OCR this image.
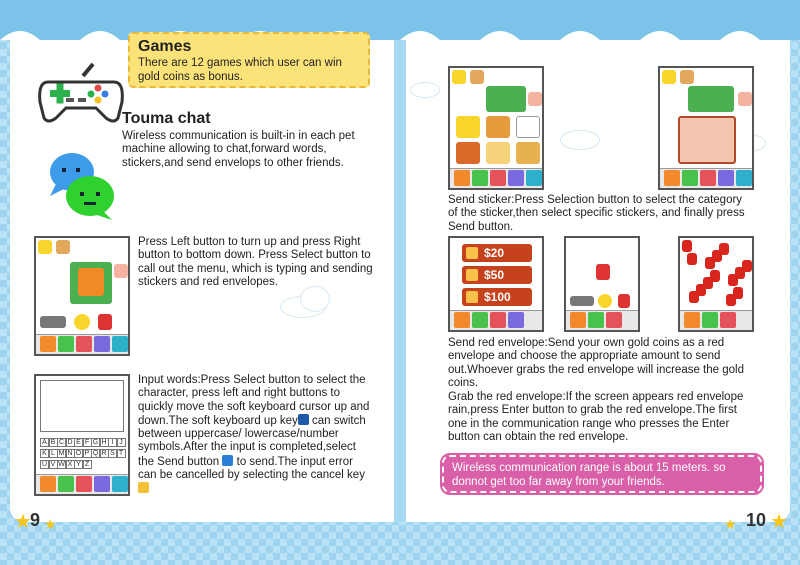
Games
There are 12 games which user can win gold coins as bonus.
Touma chat
Wireless communication is built-in in each pet machine allowing to chat,forward words, stickers,and send envelops to other friends.
Press Left button to turn up and press Right button to bottom down. Press Select button to call out the menu, which is typing and sending stickers and red envelopes.
A B C D E F G H I J
K L M N O P Q R S T
U V W X Y Z
Input words:Press Select button to select the character, press left and right buttons to quickly move the soft keyboard cursor up and down.The soft keyboard up key can switch between uppercase/ lowercase/number symbols.After the input is completed,select the Send button to send.The input error can be cancelled by selecting the cancel key
★
9 ★
Send sticker:Press Selection button to select the category of the sticker,then select specific stickers, and finally press Send button.
$20
$50
$100
Send red envelope:Send your own gold coins as a red envelope and choose the appropriate amount to send out.Whoever grabs the red envelope will increase the gold coins.
Grab the red envelope:If the screen appears red envelope rain,press Enter button to grab the red envelope.The first one in the communication range who presses the Enter button can obtain the red envelope.
Wireless communication range is about 15 meters. so donnot get too far away from your friends.
★ 10 ★
